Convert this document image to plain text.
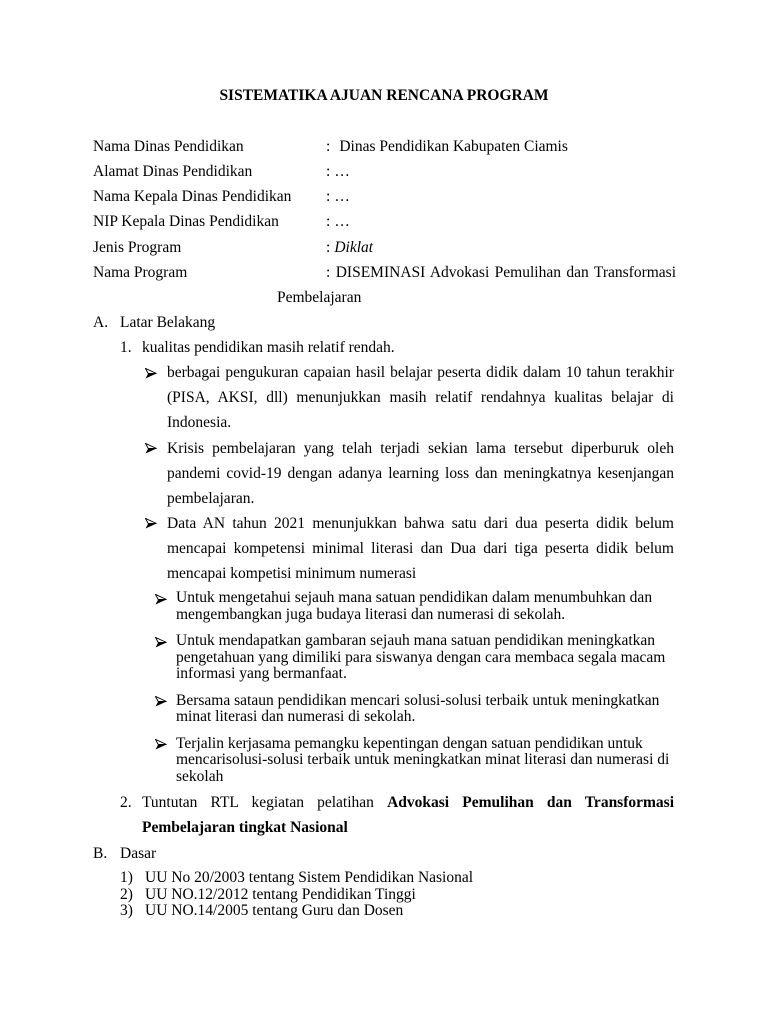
SISTEMATIKA AJUAN RENCANA PROGRAM
Nama Dinas Pendidikan	: Dinas Pendidikan Kabupaten Ciamis
Alamat Dinas Pendidikan	: …
Nama Kepala Dinas Pendidikan	: …
NIP Kepala Dinas Pendidikan	: …
Jenis Program	: Diklat
Nama Program	: DISEMINASI Advokasi Pemulihan dan Transformasi
Pembelajaran
A. Latar Belakang
1. kualitas pendidikan masih relatif rendah.
berbagai pengukuran capaian hasil belajar peserta didik dalam 10 tahun terakhir
(PISA, AKSI, dll) menunjukkan masih relatif rendahnya kualitas belajar di
Indonesia.
Krisis pembelajaran yang telah terjadi sekian lama tersebut diperburuk oleh
pandemi covid-19 dengan adanya learning loss dan meningkatnya kesenjangan
pembelajaran.
Data AN tahun 2021 menunjukkan bahwa satu dari dua peserta didik belum
mencapai kompetensi minimal literasi dan Dua dari tiga peserta didik belum
mencapai kompetisi minimum numerasi
Untuk mengetahui sejauh mana satuan pendidikan dalam menumbuhkan dan
mengembangkan juga budaya literasi dan numerasi di sekolah.
Untuk mendapatkan gambaran sejauh mana satuan pendidikan meningkatkan
pengetahuan yang dimiliki para siswanya dengan cara membaca segala macam
informasi yang bermanfaat.
Bersama sataun pendidikan mencari solusi-solusi terbaik untuk meningkatkan
minat literasi dan numerasi di sekolah.
Terjalin kerjasama pemangku kepentingan dengan satuan pendidikan untuk
mencarisolusi-solusi terbaik untuk meningkatkan minat literasi dan numerasi di
sekolah
2. Tuntutan RTL kegiatan pelatihan Advokasi Pemulihan dan Transformasi
Pembelajaran tingkat Nasional
B. Dasar
1) UU No 20/2003 tentang Sistem Pendidikan Nasional
2) UU NO.12/2012 tentang Pendidikan Tinggi
3) UU NO.14/2005 tentang Guru dan Dosen
